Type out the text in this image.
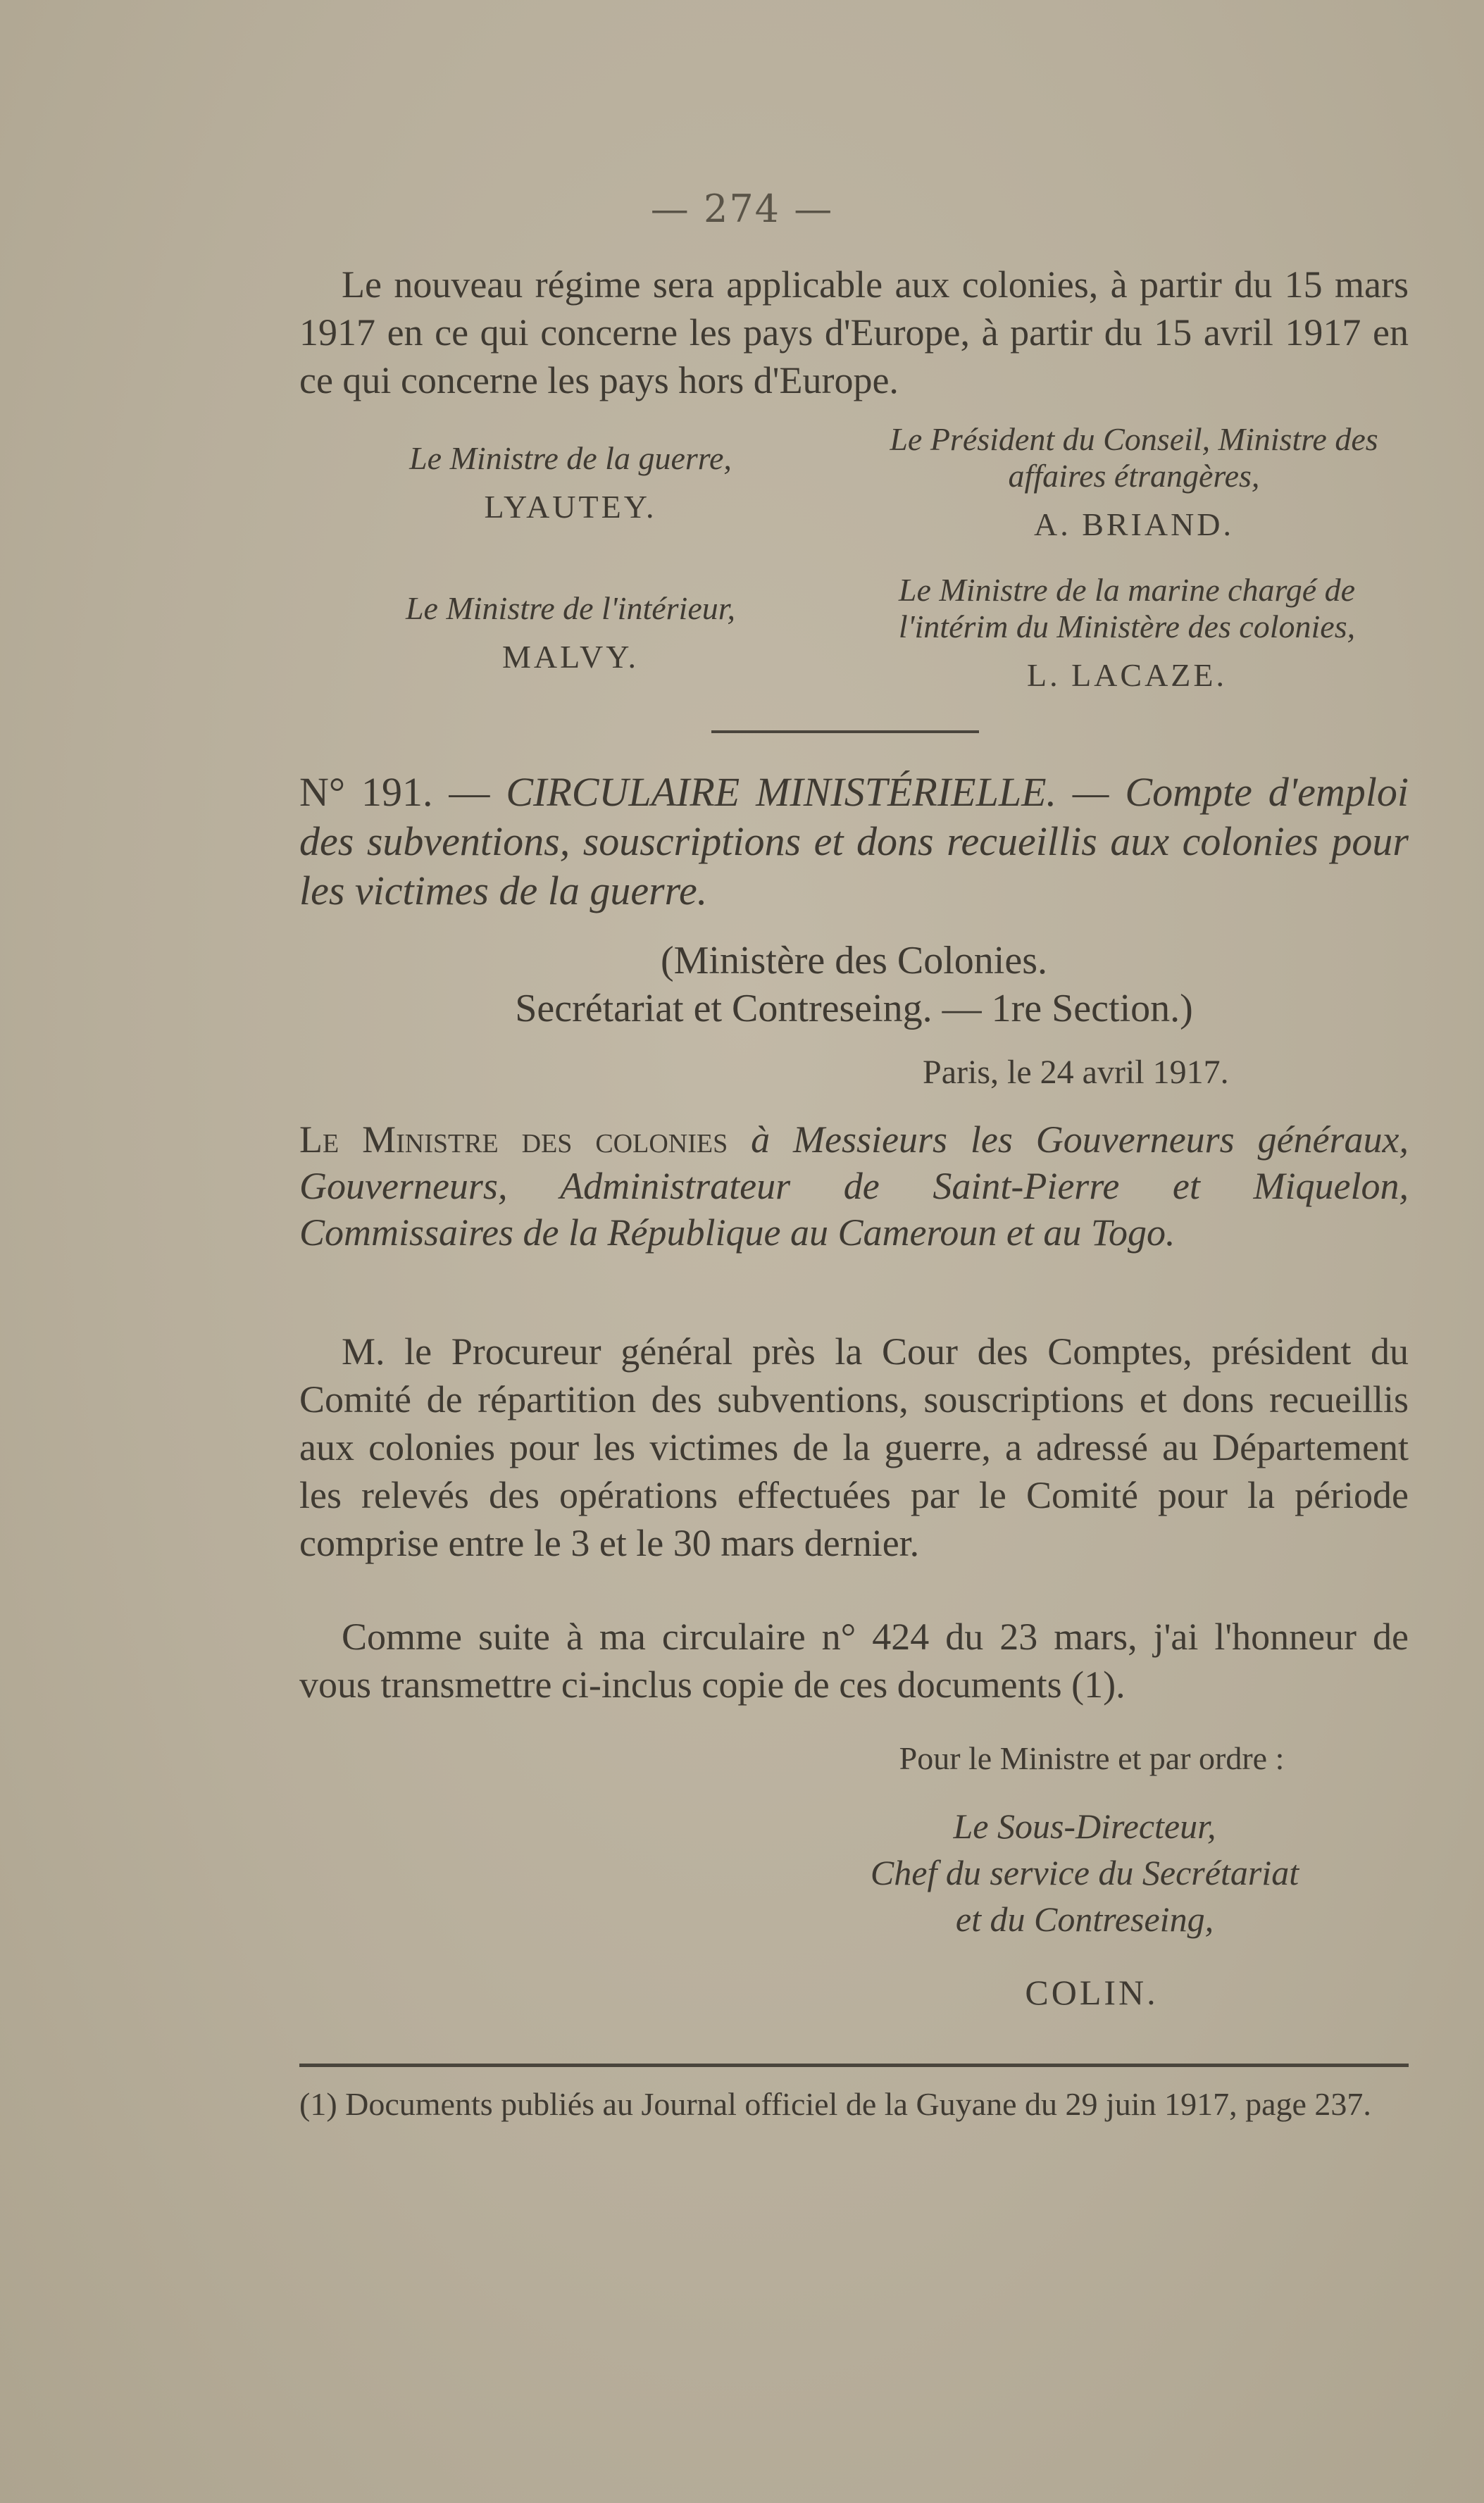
— 274 —

Le nouveau régime sera applicable aux colonies, à partir du 15 mars 1917 en ce qui concerne les pays d'Europe, à partir du 15 avril 1917 en ce qui concerne les pays hors d'Europe.

Le Ministre de la guerre,

LYAUTEY.

Le Président du Conseil, Ministre des affaires étrangères,

A. BRIAND.

Le Ministre de l'intérieur,

MALVY.

Le Ministre de la marine chargé de l'intérim du Ministère des colonies,

L. LACAZE.

N° 191. — CIRCULAIRE MINISTÉRIELLE. — Compte d'emploi des subventions, souscriptions et dons recueillis aux colonies pour les victimes de la guerre.
(Ministère des Colonies.
Secrétariat et Contreseing. — 1re Section.)
Paris, le 24 avril 1917.
Le Ministre des colonies à Messieurs les Gouverneurs généraux, Gouverneurs, Administrateur de Saint-Pierre et Miquelon, Commissaires de la République au Cameroun et au Togo.

M. le Procureur général près la Cour des Comptes, président du Comité de répartition des subventions, souscriptions et dons recueillis aux colonies pour les victimes de la guerre, a adressé au Département les relevés des opérations effectuées par le Comité pour la période comprise entre le 3 et le 30 mars dernier.

Comme suite à ma circulaire n° 424 du 23 mars, j'ai l'honneur de vous transmettre ci-inclus copie de ces documents (1).

Pour le Ministre et par ordre :
Le Sous-Directeur,
Chef du service du Secrétariat
et du Contreseing,
COLIN.
(1) Documents publiés au Journal officiel de la Guyane du 29 juin 1917, page 237.
